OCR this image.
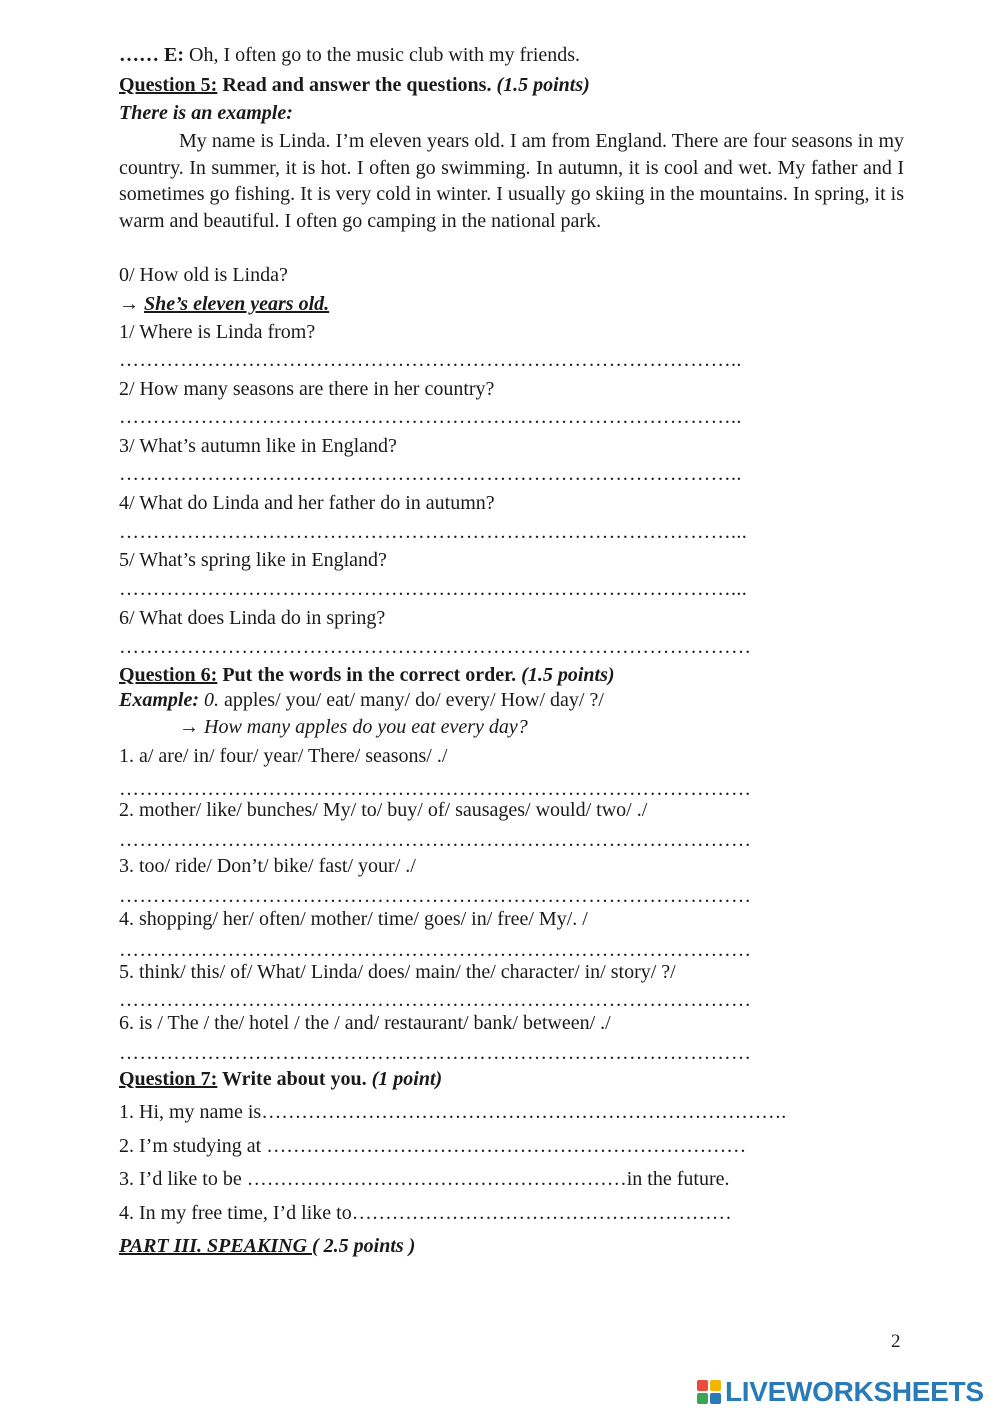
…… E: Oh, I often go to the music club with my friends.
Question 5: Read and answer the questions. (1.5 points)
There is an example:
My name is Linda. I’m eleven years old. I am from England. There are four seasons in my country. In summer, it is hot. I often go swimming. In autumn, it is cool and wet. My father and I sometimes go fishing. It is very cold in winter. I usually go skiing in the mountains. In spring, it is warm and beautiful. I often go camping in the national park.
0/ How old is Linda?
→ She’s eleven years old.
1/ Where is Linda from?
………………………………………………………………………………..
2/ How many seasons are there in her country?
………………………………………………………………………………..
3/ What’s autumn like in England?
………………………………………………………………………………..
4/ What do Linda and her father do in autumn?
………………………………………………………………………………...
5/ What’s spring like in England?
………………………………………………………………………………...
6/ What does Linda do in spring?
…………………………………………………………………………………
Question 6: Put the words in the correct order. (1.5 points)
Example: 0. apples/ you/ eat/ many/ do/ every/ How/ day/ ?/
→ How many apples do you eat every day?
1. a/ are/ in/ four/ year/ There/ seasons/ ./
…………………………………………………………………………………
2. mother/ like/ bunches/ My/ to/ buy/ of/ sausages/ would/ two/ ./
…………………………………………………………………………………
3. too/ ride/ Don’t/ bike/ fast/ your/ ./
…………………………………………………………………………………
4. shopping/ her/ often/ mother/ time/ goes/ in/ free/ My/. /
…………………………………………………………………………………
5. think/ this/ of/ What/ Linda/ does/ main/ the/ character/ in/ story/ ?/
…………………………………………………………………………………
6. is / The / the/ hotel / the / and/ restaurant/ bank/ between/ ./
…………………………………………………………………………………
Question 7: Write about you. (1 point)
1. Hi, my name is…………………………………………………………………….
2. I’m studying at ………………………………………………………………
3. I’d like to be …………………………………………………in the future.
4. In my free time, I’d like to…………………………………………………
PART III. SPEAKING ( 2.5 points )
2
LIVEWORKSHEETS
